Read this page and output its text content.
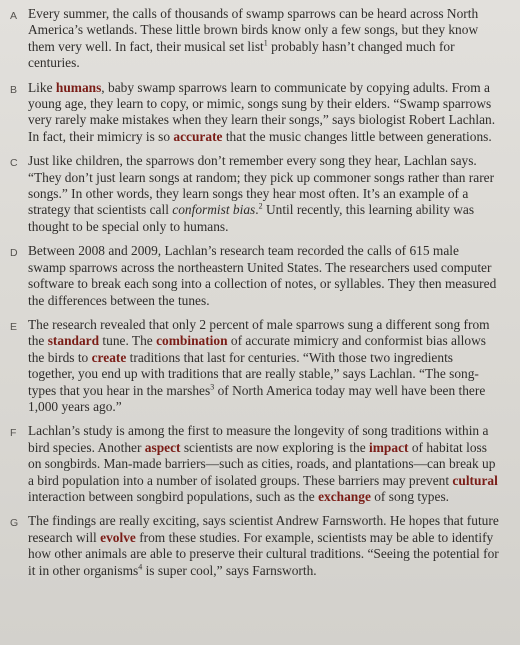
A Every summer, the calls of thousands of swamp sparrows can be heard across North America’s wetlands. These little brown birds know only a few songs, but they know them very well. In fact, their musical set list$^1$ probably hasn’t changed much for centuries.
B Like humans, baby swamp sparrows learn to communicate by copying adults. From a young age, they learn to copy, or mimic, songs sung by their elders. “Swamp sparrows very rarely make mistakes when they learn their songs,” says biologist Robert Lachlan. In fact, their mimicry is so accurate that the music changes little between generations.
C Just like children, the sparrows don’t remember every song they hear, Lachlan says. “They don’t just learn songs at random; they pick up commoner songs rather than rarer songs.” In other words, they learn songs they hear most often. It’s an example of a strategy that scientists call conformist bias.$^2$ Until recently, this learning ability was thought to be special only to humans.
D Between 2008 and 2009, Lachlan’s research team recorded the calls of 615 male swamp sparrows across the northeastern United States. The researchers used computer software to break each song into a collection of notes, or syllables. They then measured the differences between the tunes.
E The research revealed that only 2 percent of male sparrows sung a different song from the standard tune. The combination of accurate mimicry and conformist bias allows the birds to create traditions that last for centuries. “With those two ingredients together, you end up with traditions that are really stable,” says Lachlan. “The song-types that you hear in the marshes$^3$ of North America today may well have been there 1,000 years ago.”
F Lachlan’s study is among the first to measure the longevity of song traditions within a bird species. Another aspect scientists are now exploring is the impact of habitat loss on songbirds. Man-made barriers—such as cities, roads, and plantations—can break up a bird population into a number of isolated groups. These barriers may prevent cultural interaction between songbird populations, such as the exchange of song types.
G The findings are really exciting, says scientist Andrew Farnsworth. He hopes that future research will evolve from these studies. For example, scientists may be able to identify how other animals are able to preserve their cultural traditions. “Seeing the potential for it in other organisms$^4$ is super cool,” says Farnsworth.
